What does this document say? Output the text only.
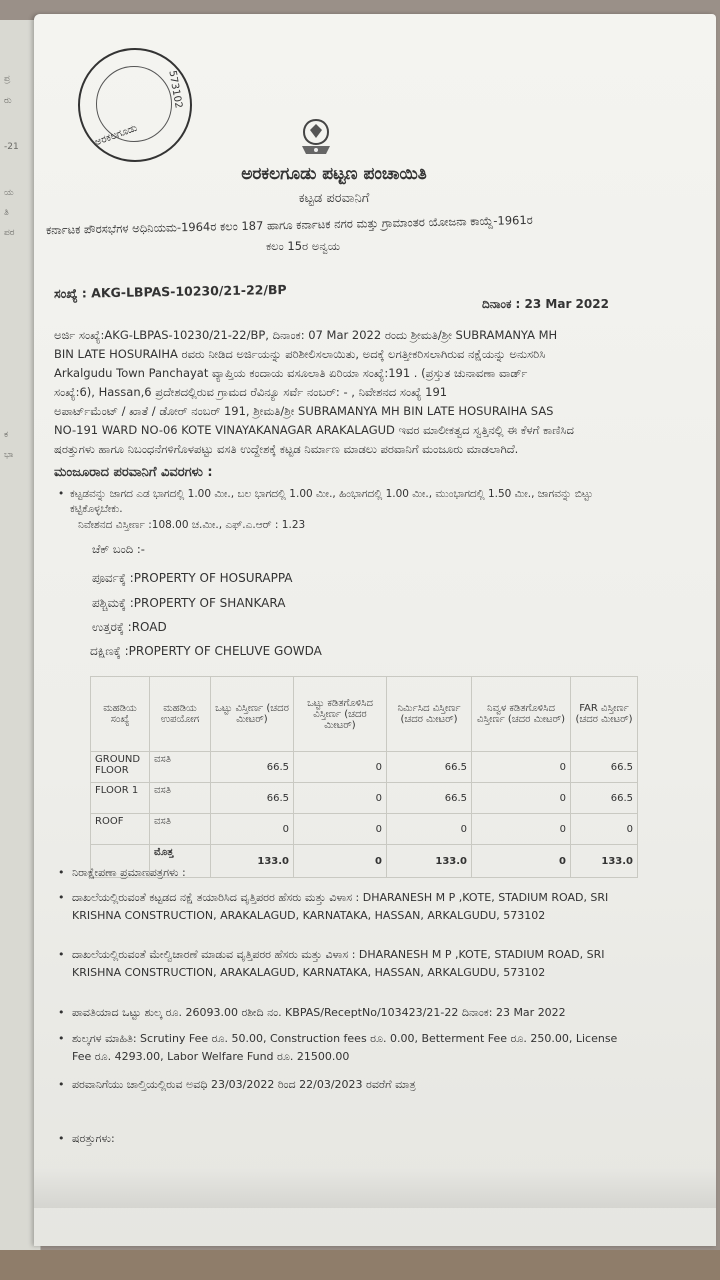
ಪ್ರ
ರು
-21
ಯ
ತಿ
ಪರ
ಕ
ಭಾ
573102
ಅರಕಲಗೂಡು
ಅರಕಲಗೂಡು ಪಟ್ಟಣ ಪಂಚಾಯಿತಿ
ಕಟ್ಟಡ ಪರವಾನಿಗೆ
ಕರ್ನಾಟಕ ಪೌರಸಭೆಗಳ ಅಧಿನಿಯಮ-1964ರ ಕಲಂ 187 ಹಾಗೂ ಕರ್ನಾಟಕ ನಗರ ಮತ್ತು ಗ್ರಾಮಾಂತರ ಯೋಜನಾ ಕಾಯ್ದೆ-1961ರ
ಕಲಂ 15ರ ಅನ್ವಯ
ಸಂಖ್ಯೆ : AKG-LBPAS-10230/21-22/BP
ದಿನಾಂಕ : 23 Mar 2022
ಅರ್ಜಿ ಸಂಖ್ಯೆ:AKG-LBPAS-10230/21-22/BP, ದಿನಾಂಕ: 07 Mar 2022 ರಂದು ಶ್ರೀಮತಿ/ಶ್ರೀ SUBRAMANYA MH
BIN LATE HOSURAIHA ರವರು ನೀಡಿದ ಅರ್ಜಿಯನ್ನು ಪರಿಶೀಲಿಸಲಾಯಿತು, ಅದಕ್ಕೆ ಲಗತ್ತೀಕರಿಸಲಾಗಿರುವ ನಕ್ಷೆಯನ್ನು ಅನುಸರಿಸಿ
Arkalgudu Town Panchayat ವ್ಯಾಪ್ತಿಯ ಕಂದಾಯ ವಸೂಲಾತಿ ಏರಿಯಾ ಸಂಖ್ಯೆ:191 . (ಪ್ರಸ್ತುತ ಚುನಾವಣಾ ವಾರ್ಡ್
ಸಂಖ್ಯೆ:6), Hassan,6 ಪ್ರದೇಶದಲ್ಲಿರುವ ಗ್ರಾಮದ ರೆವಿನ್ಯೂ ಸರ್ವೆ ನಂಬರ್: - , ನಿವೇಶನದ ಸಂಖ್ಯೆ 191
ಅಪಾರ್ಟ್‌ಮೆಂಟ್ / ಖಾತೆ / ಡೋರ್ ನಂಬರ್ 191, ಶ್ರೀಮತಿ/ಶ್ರೀ SUBRAMANYA MH BIN LATE HOSURAIHA SAS
NO-191 WARD NO-06 KOTE VINAYAKANAGAR ARAKALAGUD ಇವರ ಮಾಲೀಕತ್ವದ ಸ್ವತ್ತಿನಲ್ಲಿ ಈ ಕೆಳಗೆ ಕಾಣಿಸಿದ
ಷರತ್ತುಗಳು ಹಾಗೂ ನಿಬಂಧನೆಗಳಿಗೊಳಪಟ್ಟು ವಸತಿ ಉದ್ದೇಶಕ್ಕೆ ಕಟ್ಟಡ ನಿರ್ಮಾಣ ಮಾಡಲು ಪರವಾನಿಗೆ ಮಂಜೂರು ಮಾಡಲಾಗಿದೆ.
ಮಂಜೂರಾದ ಪರವಾನಿಗೆ ವಿವರಗಳು :
• ಕಟ್ಟಡವನ್ನು ಜಾಗದ ಎಡ ಭಾಗದಲ್ಲಿ 1.00 ಮೀ., ಬಲ ಭಾಗದಲ್ಲಿ 1.00 ಮೀ., ಹಿಂಭಾಗದಲ್ಲಿ 1.00 ಮೀ., ಮುಂಭಾಗದಲ್ಲಿ 1.50 ಮೀ., ಜಾಗವನ್ನು ಬಿಟ್ಟು ಕಟ್ಟಿಕೊಳ್ಳಬೇಕು.
ನಿವೇಶನದ ವಿಸ್ತೀರ್ಣ :108.00 ಚ.ಮೀ., ಎಫ್.ಎ.ಆರ್ : 1.23
ಚೆಕ್ ಬಂದಿ :-
ಪೂರ್ವಕ್ಕೆ :PROPERTY OF HOSURAPPA
ಪಶ್ಚಿಮಕ್ಕೆ :PROPERTY OF SHANKARA
ಉತ್ತರಕ್ಕೆ :ROAD
ದಕ್ಷಿಣಕ್ಕೆ :PROPERTY OF CHELUVE GOWDA
ಮಹಡಿಯ ಸಂಖ್ಯೆ	ಮಹಡಿಯ ಉಪಯೋಗ	ಒಟ್ಟು ವಿಸ್ತೀರ್ಣ (ಚದರ ಮೀಟರ್)	ಒಟ್ಟು ಕಡಿತಗೊಳಿಸಿದ ವಿಸ್ತೀರ್ಣ (ಚದರ ಮೀಟರ್)	ನಿರ್ಮಿಸಿದ ವಿಸ್ತೀರ್ಣ (ಚದರ ಮೀಟರ್)	ನಿವ್ವಳ ಕಡಿತಗೊಳಿಸಿದ ವಿಸ್ತೀರ್ಣ (ಚದರ ಮೀಟರ್)	FAR ವಿಸ್ತೀರ್ಣ (ಚದರ ಮೀಟರ್)
GROUND FLOOR	ವಸತಿ	66.5	0	66.5	0	66.5
FLOOR 1	ವಸತಿ	66.5	0	66.5	0	66.5
ROOF	ವಸತಿ	0	0	0	0	0
	ಮೊತ್ತ	133.0	0	133.0	0	133.0
• ನಿರಾಕ್ಷೇಪಣಾ ಪ್ರಮಾಣಪತ್ರಗಳು :
• ದಾಖಲೆಯಲ್ಲಿರುವಂತೆ ಕಟ್ಟಡದ ನಕ್ಷೆ ತಯಾರಿಸಿದ ವೃತ್ತಿಪರರ ಹೆಸರು ಮತ್ತು ವಿಳಾಸ : DHARANESH M P ,KOTE, STADIUM ROAD, SRI KRISHNA CONSTRUCTION, ARAKALAGUD, KARNATAKA, HASSAN, ARKALGUDU, 573102
• ದಾಖಲೆಯಲ್ಲಿರುವಂತೆ ಮೇಲ್ವಿಚಾರಣೆ ಮಾಡುವ ವೃತ್ತಿಪರರ ಹೆಸರು ಮತ್ತು ವಿಳಾಸ : DHARANESH M P ,KOTE, STADIUM ROAD, SRI KRISHNA CONSTRUCTION, ARAKALAGUD, KARNATAKA, HASSAN, ARKALGUDU, 573102
• ಪಾವತಿಯಾದ ಒಟ್ಟು ಶುಲ್ಕ ರೂ. 26093.00 ರಶೀದಿ ನಂ. KBPAS/ReceptNo/103423/21-22 ದಿನಾಂಕ: 23 Mar 2022
• ಶುಲ್ಕಗಳ ಮಾಹಿತಿ: Scrutiny Fee ರೂ. 50.00, Construction fees ರೂ. 0.00, Betterment Fee ರೂ. 250.00, License Fee ರೂ. 4293.00, Labor Welfare Fund ರೂ. 21500.00
• ಪರವಾನಿಗೆಯು ಚಾಲ್ತಿಯಲ್ಲಿರುವ ಅವಧಿ 23/03/2022 ರಿಂದ 22/03/2023 ರವರೆಗೆ ಮಾತ್ರ
• ಷರತ್ತುಗಳು:
